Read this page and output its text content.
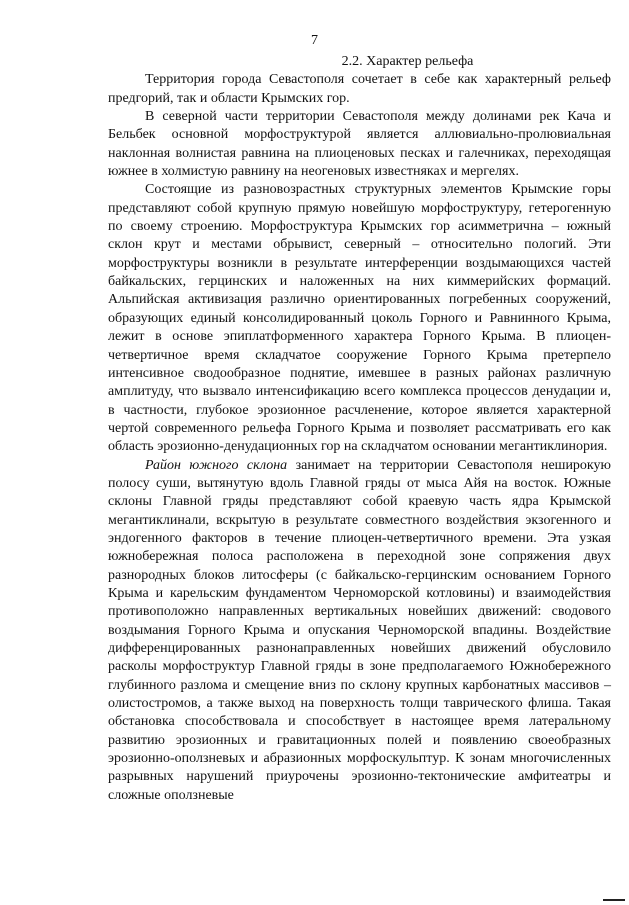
7

2.2. Характер рельефа

Территория города Севастополя сочетает в себе как характерный рельеф предгорий, так и области Крымских гор.

В северной части территории Севастополя между долинами рек Кача и Бельбек основной морфоструктурой является аллювиально-пролювиальная наклонная волнистая равнина на плиоценовых песках и галечниках, переходящая южнее в холмистую равнину на неогеновых известняках и мергелях.

Состоящие из разновозрастных структурных элементов Крымские горы представляют собой крупную прямую новейшую морфоструктуру, гетерогенную по своему строению. Морфоструктура Крымских гор асимметрична – южный склон крут и местами обрывист, северный – относительно пологий. Эти морфоструктуры возникли в результате интерференции воздымающихся частей байкальских, герцинских и наложенных на них киммерийских формаций. Альпийская активизация различно ориентированных погребенных сооружений, образующих единый консолидированный цоколь Горного и Равнинного Крыма, лежит в основе эпиплатформенного характера Горного Крыма. В плиоцен-четвертичное время складчатое сооружение Горного Крыма претерпело интенсивное сводообразное поднятие, имевшее в разных районах различную амплитуду, что вызвало интенсификацию всего комплекса процессов денудации и, в частности, глубокое эрозионное расчленение, которое является характерной чертой современного рельефа Горного Крыма и позволяет рассматривать его как область эрозионно-денудационных гор на складчатом основании мегантиклинория.

Район южного склона занимает на территории Севастополя неширокую полосу суши, вытянутую вдоль Главной гряды от мыса Айя на восток. Южные склоны Главной гряды представляют собой краевую часть ядра Крымской мегантиклинали, вскрытую в результате совместного воздействия экзогенного и эндогенного факторов в течение плиоцен-четвертичного времени. Эта узкая южнобережная полоса расположена в переходной зоне сопряжения двух разнородных блоков литосферы (с байкальско-герцинским основанием Горного Крыма и карельским фундаментом Черноморской котловины) и взаимодействия противоположно направленных вертикальных новейших движений: сводового воздымания Горного Крыма и опускания Черноморской впадины. Воздействие дифференцированных разнонаправленных новейших движений обусловило расколы морфоструктур Главной гряды в зоне предполагаемого Южнобережного глубинного разлома и смещение вниз по склону крупных карбонатных массивов – олистостромов, а также выход на поверхность толщи таврического флиша. Такая обстановка способствовала и способствует в настоящее время латеральному развитию эрозионных и гравитационных полей и появлению своеобразных эрозионно-оползневых и абразионных морфоскульптур. К зонам многочисленных разрывных нарушений приурочены эрозионно-тектонические амфитеатры и сложные оползневые
